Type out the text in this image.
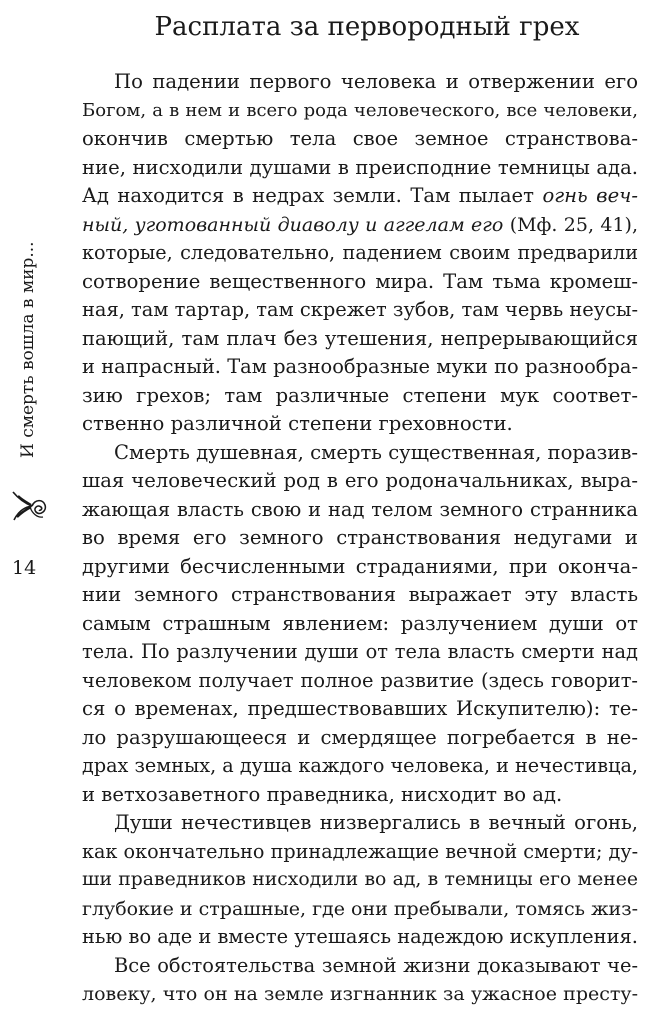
Расплата за первородный грех
И смерть вошла в мир...
14
По падении первого человека и отвержении его
Богом, а в нем и всего рода человеческого, все человеки,
окончив смертью тела свое земное странствова-
ние, нисходили душами в преисподние темницы ада.
Ад находится в недрах земли. Там пылает огнь веч-
ный, уготованный диаволу и аггелам его (Мф. 25, 41),
которые, следовательно, падением своим предварили
сотворение вещественного мира. Там тьма кромеш-
ная, там тартар, там скрежет зубов, там червь неусы-
пающий, там плач без утешения, непрерывающийся
и напрасный. Там разнообразные муки по разнообра-
зию грехов; там различные степени мук соответ-
ственно различной степени греховности.
Смерть душевная, смерть существенная, поразив-
шая человеческий род в его родоначальниках, выра-
жающая власть свою и над телом земного странника
во время его земного странствования недугами и
другими бесчисленными страданиями, при оконча-
нии земного странствования выражает эту власть
самым страшным явлением: разлучением души от
тела. По разлучении души от тела власть смерти над
человеком получает полное развитие (здесь говорит-
ся о временах, предшествовавших Искупителю): те-
ло разрушающееся и смердящее погребается в не-
драх земных, а душа каждого человека, и нечестивца,
и ветхозаветного праведника, нисходит во ад.
Души нечестивцев низвергались в вечный огонь,
как окончательно принадлежащие вечной смерти; ду-
ши праведников нисходили во ад, в темницы его менее
глубокие и страшные, где они пребывали, томясь жиз-
нью во аде и вместе утешаясь надеждою искупления.
Все обстоятельства земной жизни доказывают че-
ловеку, что он на земле изгнанник за ужасное престу-
